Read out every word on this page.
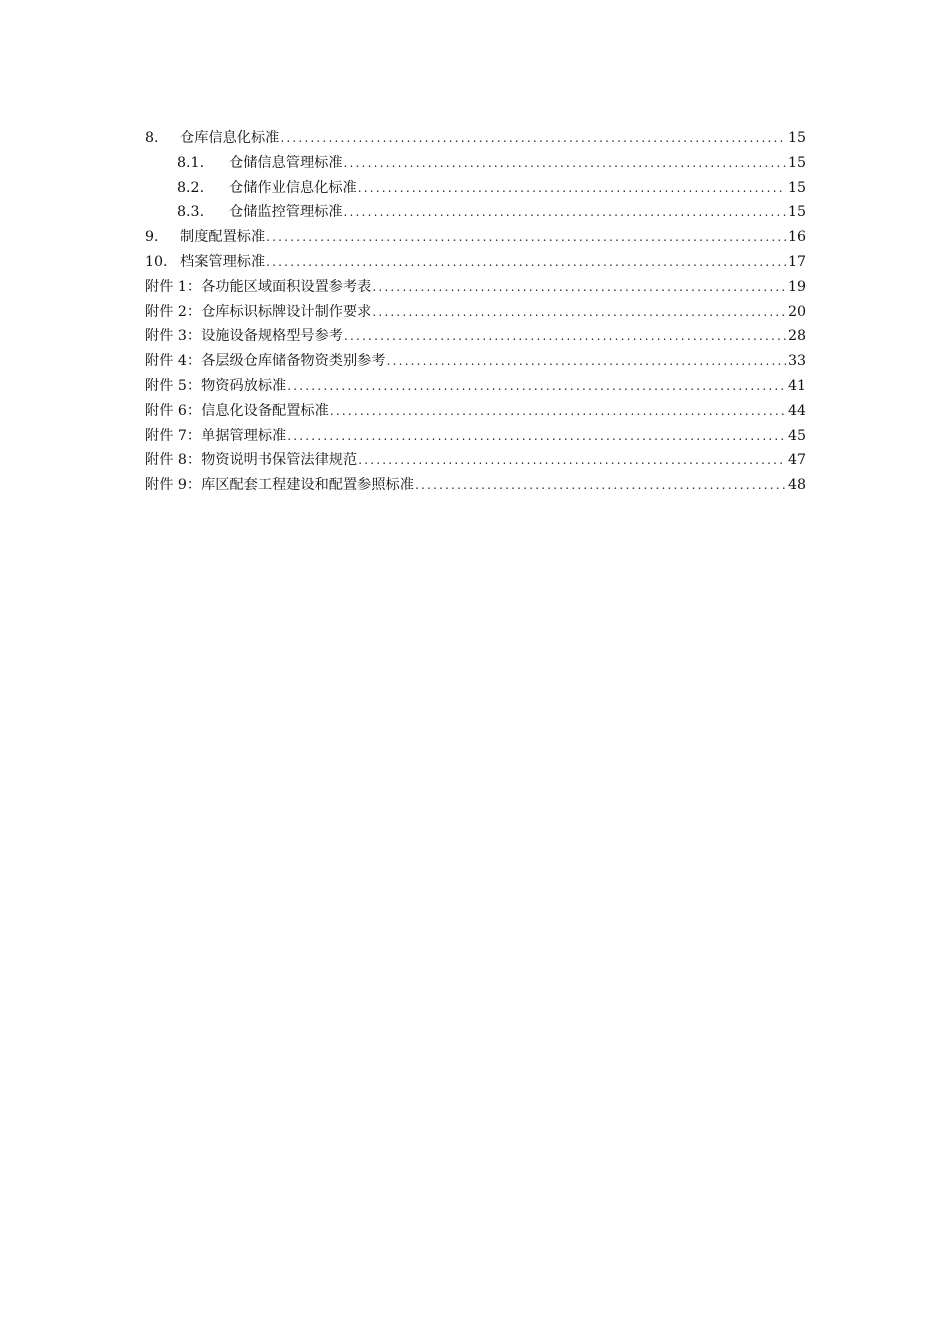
8.	仓库信息化标准 .....	15
8.1.	仓储信息管理标准 .....	15
8.2.	仓储作业信息化标准 .....	15
8.3.	仓储监控管理标准 .....	15
9.	制度配置标准 .....	16
10. 档案管理标准 .....	17
附件 1： 各功能区域面积设置参考表 .....	19
附件 2： 仓库标识标牌设计制作要求 .....	20
附件 3： 设施设备规格型号参考 .....	28
附件 4： 各层级仓库储备物资类别参考 .....	33
附件 5： 物资码放标准 .....	41
附件 6： 信息化设备配置标准 .....	44
附件 7： 单据管理标准 .....	45
附件 8： 物资说明书保管法律规范 .....	47
附件 9： 库区配套工程建设和配置参照标准 .....	48
